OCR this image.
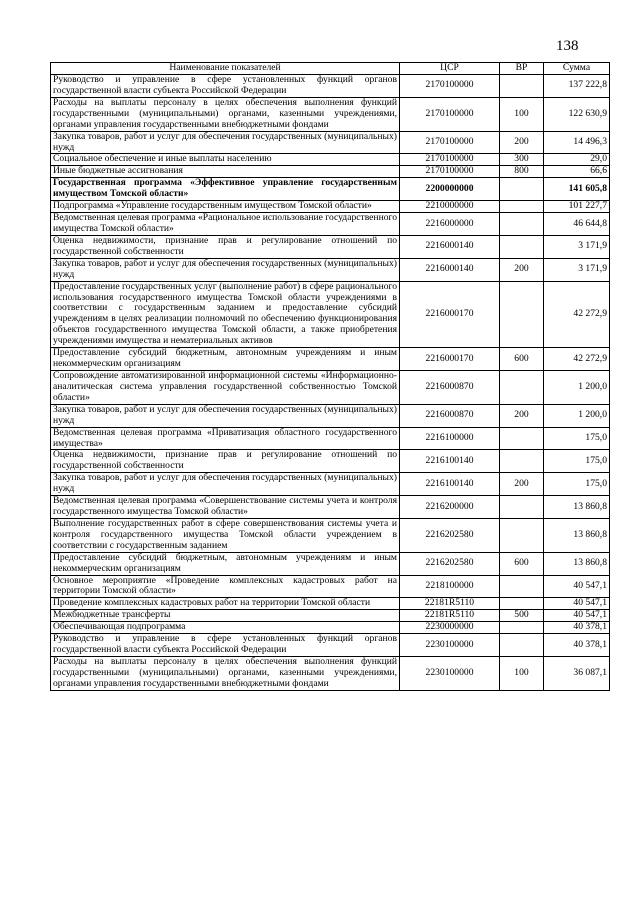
138
Наименование показателей	ЦСР	ВР	Сумма
Руководство и управление в сфере установленных функций органов государственной власти субъекта Российской Федерации	2170100000		137 222,8
Расходы на выплаты персоналу в целях обеспечения выполнения функций государственными (муниципальными) органами, казенными учреждениями, органами управления государственными внебюджетными фондами	2170100000	100	122 630,9
Закупка товаров, работ и услуг для обеспечения государственных (муниципальных) нужд	2170100000	200	14 496,3
Социальное обеспечение и иные выплаты населению	2170100000	300	29,0
Иные бюджетные ассигнования	2170100000	800	66,6
Государственная программа «Эффективное управление государственным имуществом Томской области»	2200000000		141 605,8
Подпрограмма «Управление государственным имуществом Томской области»	2210000000		101 227,7
Ведомственная целевая программа «Рациональное использование государственного имущества Томской области»	2216000000		46 644,8
Оценка недвижимости, признание прав и регулирование отношений по государственной собственности	2216000140		3 171,9
Закупка товаров, работ и услуг для обеспечения государственных (муниципальных) нужд	2216000140	200	3 171,9
Предоставление государственных услуг (выполнение работ) в сфере рационального использования государственного имущества Томской области учреждениями в соответствии с государственным заданием и предоставление субсидий учреждениям в целях реализации полномочий по обеспечению функционирования объектов государственного имущества Томской области, а также приобретения учреждениями имущества и нематериальных активов	2216000170		42 272,9
Предоставление субсидий бюджетным, автономным учреждениям и иным некоммерческим организациям	2216000170	600	42 272,9
Сопровождение автоматизированной информационной системы «Информационно-аналитическая система управления государственной собственностью Томской области»	2216000870		1 200,0
Закупка товаров, работ и услуг для обеспечения государственных (муниципальных) нужд	2216000870	200	1 200,0
Ведомственная целевая программа «Приватизация областного государственного имущества»	2216100000		175,0
Оценка недвижимости, признание прав и регулирование отношений по государственной собственности	2216100140		175,0
Закупка товаров, работ и услуг для обеспечения государственных (муниципальных) нужд	2216100140	200	175,0
Ведомственная целевая программа «Совершенствование системы учета и контроля государственного имущества Томской области»	2216200000		13 860,8
Выполнение государственных работ в сфере совершенствования системы учета и контроля государственного имущества Томской области учреждением в соответствии с государственным заданием	2216202580		13 860,8
Предоставление субсидий бюджетным, автономным учреждениям и иным некоммерческим организациям	2216202580	600	13 860,8
Основное мероприятие «Проведение комплексных кадастровых работ на территории Томской области»	2218100000		40 547,1
Проведение комплексных кадастровых работ на территории Томской области	22181R5110		40 547,1
Межбюджетные трансферты	22181R5110	500	40 547,1
Обеспечивающая подпрограмма	2230000000		40 378,1
Руководство и управление в сфере установленных функций органов государственной власти субъекта Российской Федерации	2230100000		40 378,1
Расходы на выплаты персоналу в целях обеспечения выполнения функций государственными (муниципальными) органами, казенными учреждениями, органами управления государственными внебюджетными фондами	2230100000	100	36 087,1
